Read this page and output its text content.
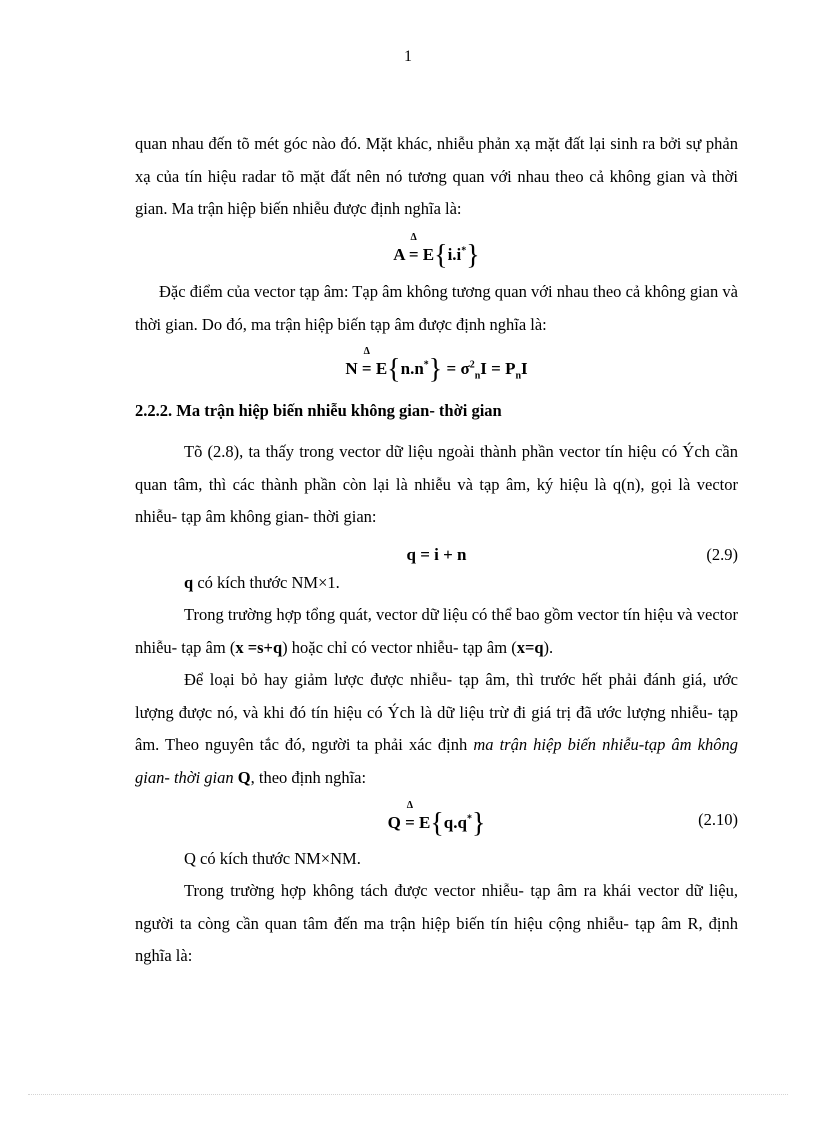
1

quan nhau đến tõ mét góc nào đó. Mặt khác, nhiễu phản xạ mặt đất lại sinh ra bởi sự phản xạ của tín hiệu radar tõ mặt đất nên nó tương quan với nhau theo cả không gian và thời gian. Ma trận hiệp biến nhiễu được định nghĩa là:

A
Δ
= E{i.i*}

Đặc điểm của vector tạp âm: Tạp âm không tương quan với nhau theo cả không gian và thời gian. Do đó, ma trận hiệp biến tạp âm được định nghĩa là:

N
Δ
= $E\{n.n^*\} = \sigma^2_nI = P_nI$
2.2.2. Ma trận hiệp biến nhiễu không gian- thời gian

Tõ (2.8), ta thấy trong vector dữ liệu ngoài thành phần vector tín hiệu có Ých cần quan tâm, thì các thành phần còn lại là nhiễu và tạp âm, ký hiệu là q(n), gọi là vector nhiễu- tạp âm không gian- thời gian:

q = i + n	(2.9)

q có kích thước NM×1.

Trong trường hợp tổng quát, vector dữ liệu có thể bao gồm vector tín hiệu và vector nhiễu- tạp âm (x =s+q) hoặc chỉ có vector nhiễu- tạp âm (x=q).

Để loại bỏ hay giảm lược được nhiễu- tạp âm, thì trước hết phải đánh giá, ước lượng được nó, và khi đó tín hiệu có Ých là dữ liệu trừ đi giá trị đã ước lượng nhiễu- tạp âm. Theo nguyên tắc đó, người ta phải xác định ma trận hiệp biến nhiễu-tạp âm không gian- thời gian Q, theo định nghĩa:

Q
Δ
= E{q.q*}	(2.10)

Q có kích thước NM×NM.

Trong trường hợp không tách được vector nhiễu- tạp âm ra khái vector dữ liệu, người ta còng cần quan tâm đến ma trận hiệp biến tín hiệu cộng nhiễu- tạp âm R, định nghĩa là:
